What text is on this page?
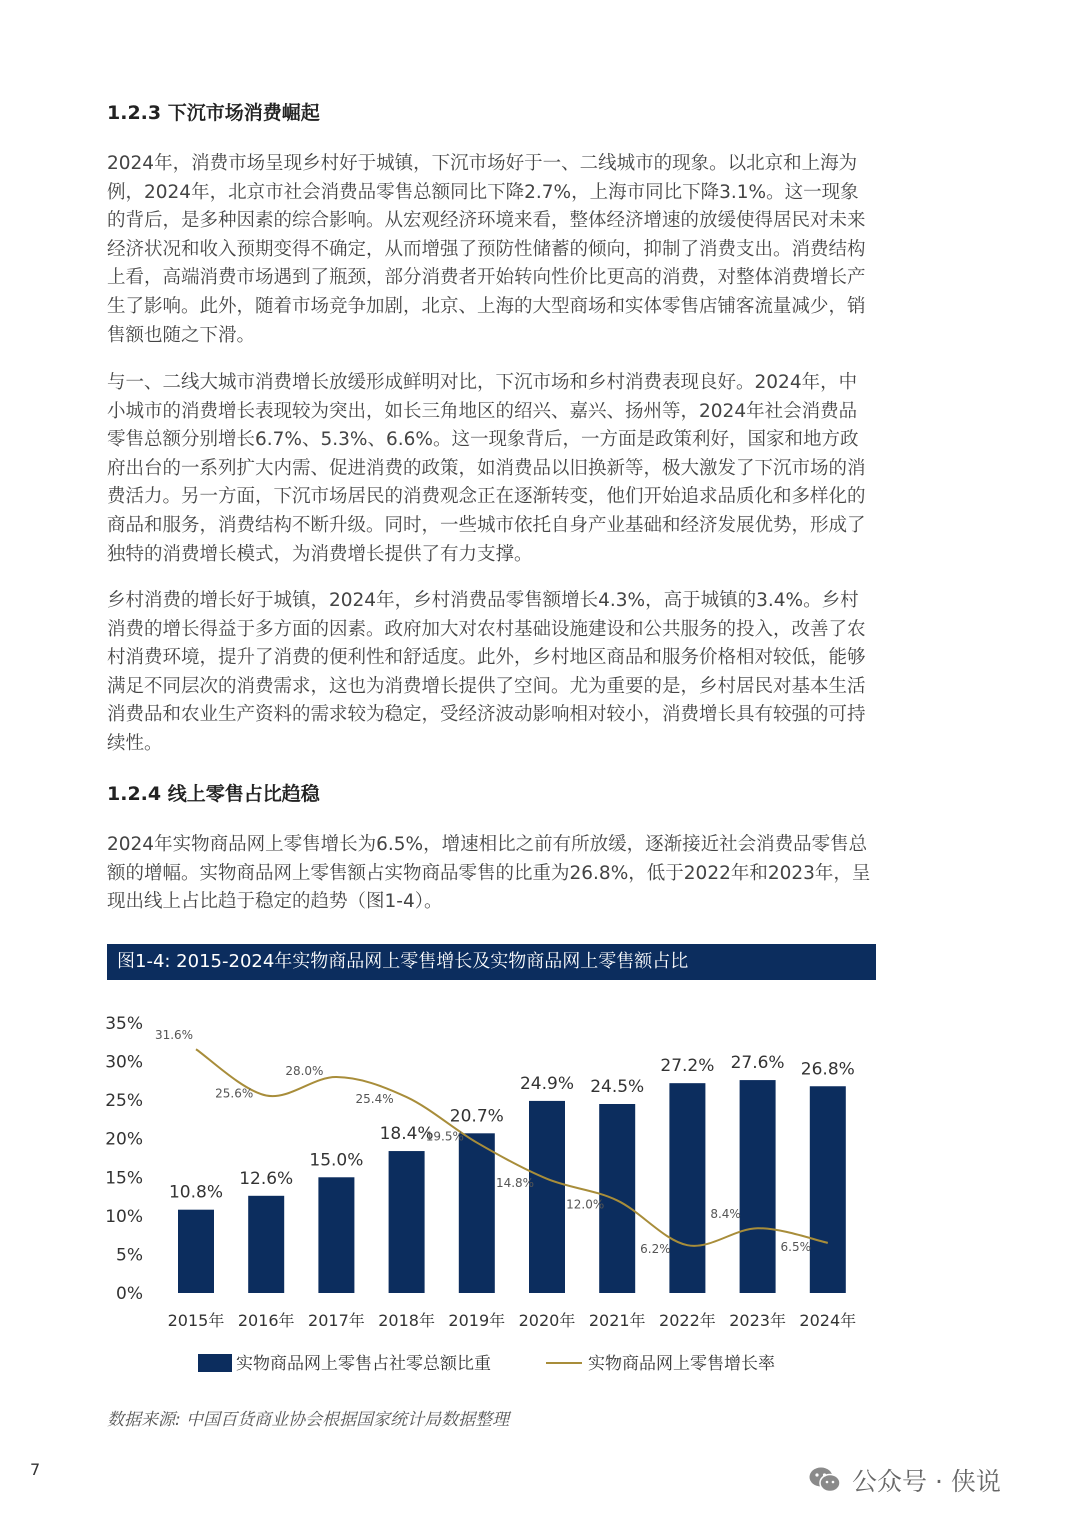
1.2.3 下沉市场消费崛起

2024年，消费市场呈现乡村好于城镇，下沉市场好于一、二线城市的现象。以北京和上海为例，2024年，北京市社会消费品零售总额同比下降2.7%，上海市同比下降3.1%。这一现象的背后，是多种因素的综合影响。从宏观经济环境来看，整体经济增速的放缓使得居民对未来经济状况和收入预期变得不确定，从而增强了预防性储蓄的倾向，抑制了消费支出。消费结构上看，高端消费市场遇到了瓶颈，部分消费者开始转向性价比更高的消费，对整体消费增长产生了影响。此外，随着市场竞争加剧，北京、上海的大型商场和实体零售店铺客流量减少，销售额也随之下滑。

与一、二线大城市消费增长放缓形成鲜明对比，下沉市场和乡村消费表现良好。2024年，中小城市的消费增长表现较为突出，如长三角地区的绍兴、嘉兴、扬州等，2024年社会消费品零售总额分别增长6.7%、5.3%、6.6%。这一现象背后，一方面是政策利好，国家和地方政府出台的一系列扩大内需、促进消费的政策，如消费品以旧换新等，极大激发了下沉市场的消费活力。另一方面，下沉市场居民的消费观念正在逐渐转变，他们开始追求品质化和多样化的商品和服务，消费结构不断升级。同时，一些城市依托自身产业基础和经济发展优势，形成了独特的消费增长模式，为消费增长提供了有力支撑。

乡村消费的增长好于城镇，2024年，乡村消费品零售额增长4.3%，高于城镇的3.4%。乡村消费的增长得益于多方面的因素。政府加大对农村基础设施建设和公共服务的投入，改善了农村消费环境，提升了消费的便利性和舒适度。此外，乡村地区商品和服务价格相对较低，能够满足不同层次的消费需求，这也为消费增长提供了空间。尤为重要的是，乡村居民对基本生活消费品和农业生产资料的需求较为稳定，受经济波动影响相对较小，消费增长具有较强的可持续性。

1.2.4 线上零售占比趋稳

2024年实物商品网上零售增长为6.5%，增速相比之前有所放缓，逐渐接近社会消费品零售总额的增幅。实物商品网上零售额占实物商品零售的比重为26.8%，低于2022年和2023年，呈现出线上占比趋于稳定的趋势（图1-4）。

图1-4: 2015-2024年实物商品网上零售增长及实物商品网上零售额占比
0%
5%
10%
15%
20%
25%
30%
35%
10.8%
2015年
12.6%
2016年
15.0%
2017年
18.4%
2018年
20.7%
2019年
24.9%
2020年
24.5%
2021年
27.2%
2022年
27.6%
2023年
26.8%
2024年
31.6%
25.6%
28.0%
25.4%
19.5%
14.8%
12.0%
6.2%
8.4%
6.5%
实物商品网上零售占社零总额比重	实物商品网上零售增长率

数据来源: 中国百货商业协会根据国家统计局数据整理

7	公众号 · 侠说
